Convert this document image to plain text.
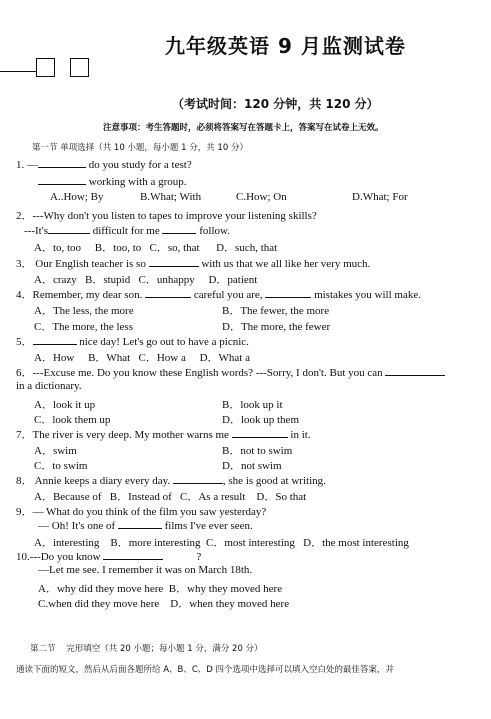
九年级英语 9 月监测试卷
（考试时间：120 分钟，共 120 分）
注意事项：考生答题时，必须将答案写在答题卡上，答案写在试卷上无效。
第一节 单项选择（共 10 小题，每小题 1 分，共 10 分）
1. —	do you study for a test?
working with a group.
A..How; By	B.What; With	C.How; On	D.What; For
2．---Why don't you listen to tapes to improve your listening skills?
---It's	difficult for me	follow.
A．to, too     B．too, to   C．so, that      D．such, that
3． Our English teacher is so	with us that we all like her very much.
A．crazy   B．stupid   C．unhappy     D．patient
4．Remember, my dear son.	careful you are,	mistakes you will make.
A．The less, the more	B．The fewer, the more
C．The more, the less	D．The more, the fewer
5．	nice day! Let's go out to have a picnic.
A．How     B．What   C．How a     D．What a
6．---Excuse me. Do you know these English words? ---Sorry, I don't. But you can
in a dictionary.
A．look it up	B．look up it
C．look them up	D．look up them
7．The river is very deep. My mother warns me	in it.
A．swim	B．not to swim
C．to swim	D．not swim
8． Annie keeps a diary every day.	, she is good at writing.
A．Because of   B．Instead of   C．As a result    D．So that
9．— What do you think of the film you saw yesterday?
— Oh! It's one of	films I've ever seen.
A．interesting    B．more interesting  C．most interesting   D．the most interesting
10.---Do you know	?
—Let me see. I remember it was on March 18th.
A．why did they move here  B．why they moved here
C.when did they move here    D．when they moved here
第二节    完形填空（共 20 小题；每小题 1 分，满分 20 分）
通读下面的短文，然后从后面各题所给 A、B、C、D 四个选项中选择可以填入空白处的最佳答案，并
